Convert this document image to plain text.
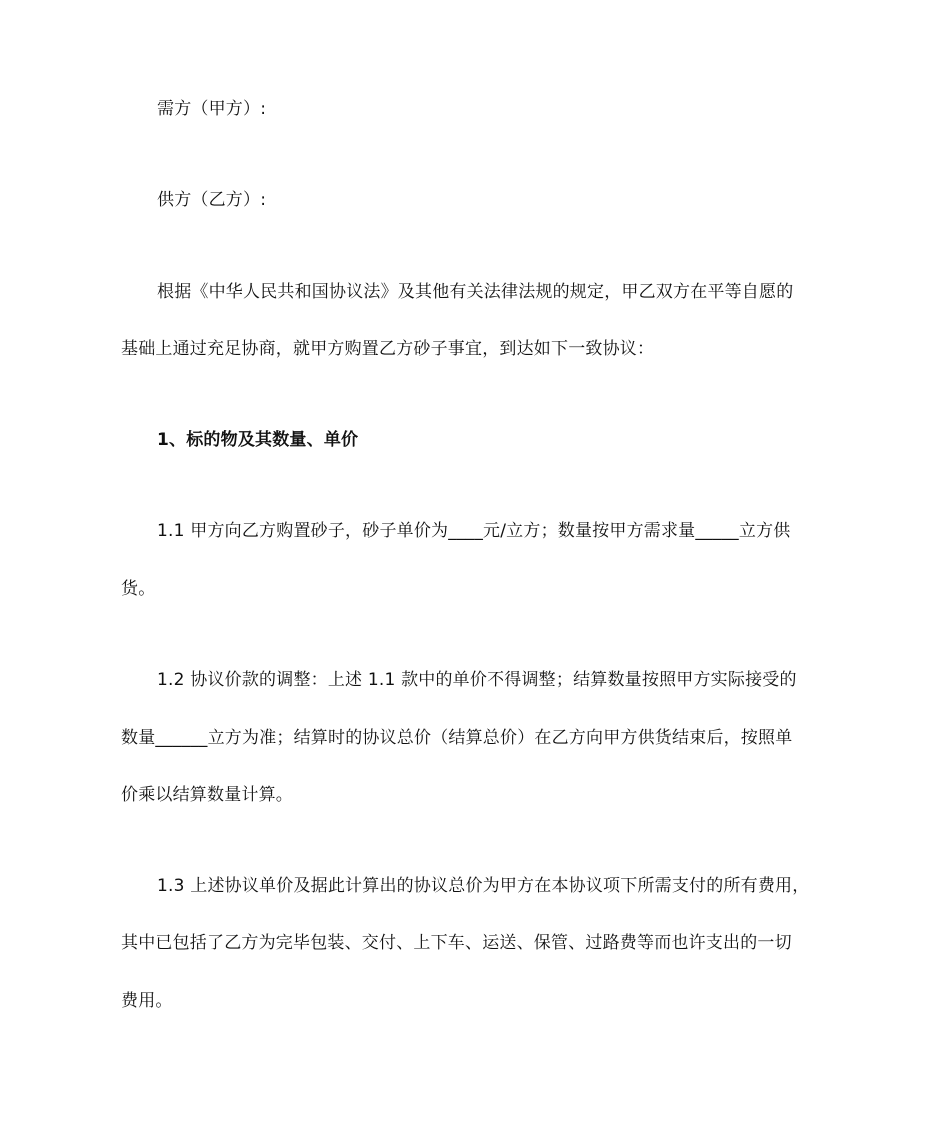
需方（甲方）:
供方（乙方）:
根据《中华人民共和国协议法》及其他有关法律法规的规定，甲乙双方在平等自愿的
基础上通过充足协商，就甲方购置乙方砂子事宜，到达如下一致协议：
1、标的物及其数量、单价
1.1 甲方向乙方购置砂子，砂子单价为____元/立方；数量按甲方需求量_____立方供
货。
1.2 协议价款的调整：上述 1.1 款中的单价不得调整；结算数量按照甲方实际接受的
数量______立方为准；结算时的协议总价（结算总价）在乙方向甲方供货结束后，按照单
价乘以结算数量计算。
1.3 上述协议单价及据此计算出的协议总价为甲方在本协议项下所需支付的所有费用，
其中已包括了乙方为完毕包装、交付、上下车、运送、保管、过路费等而也许支出的一切
费用。
